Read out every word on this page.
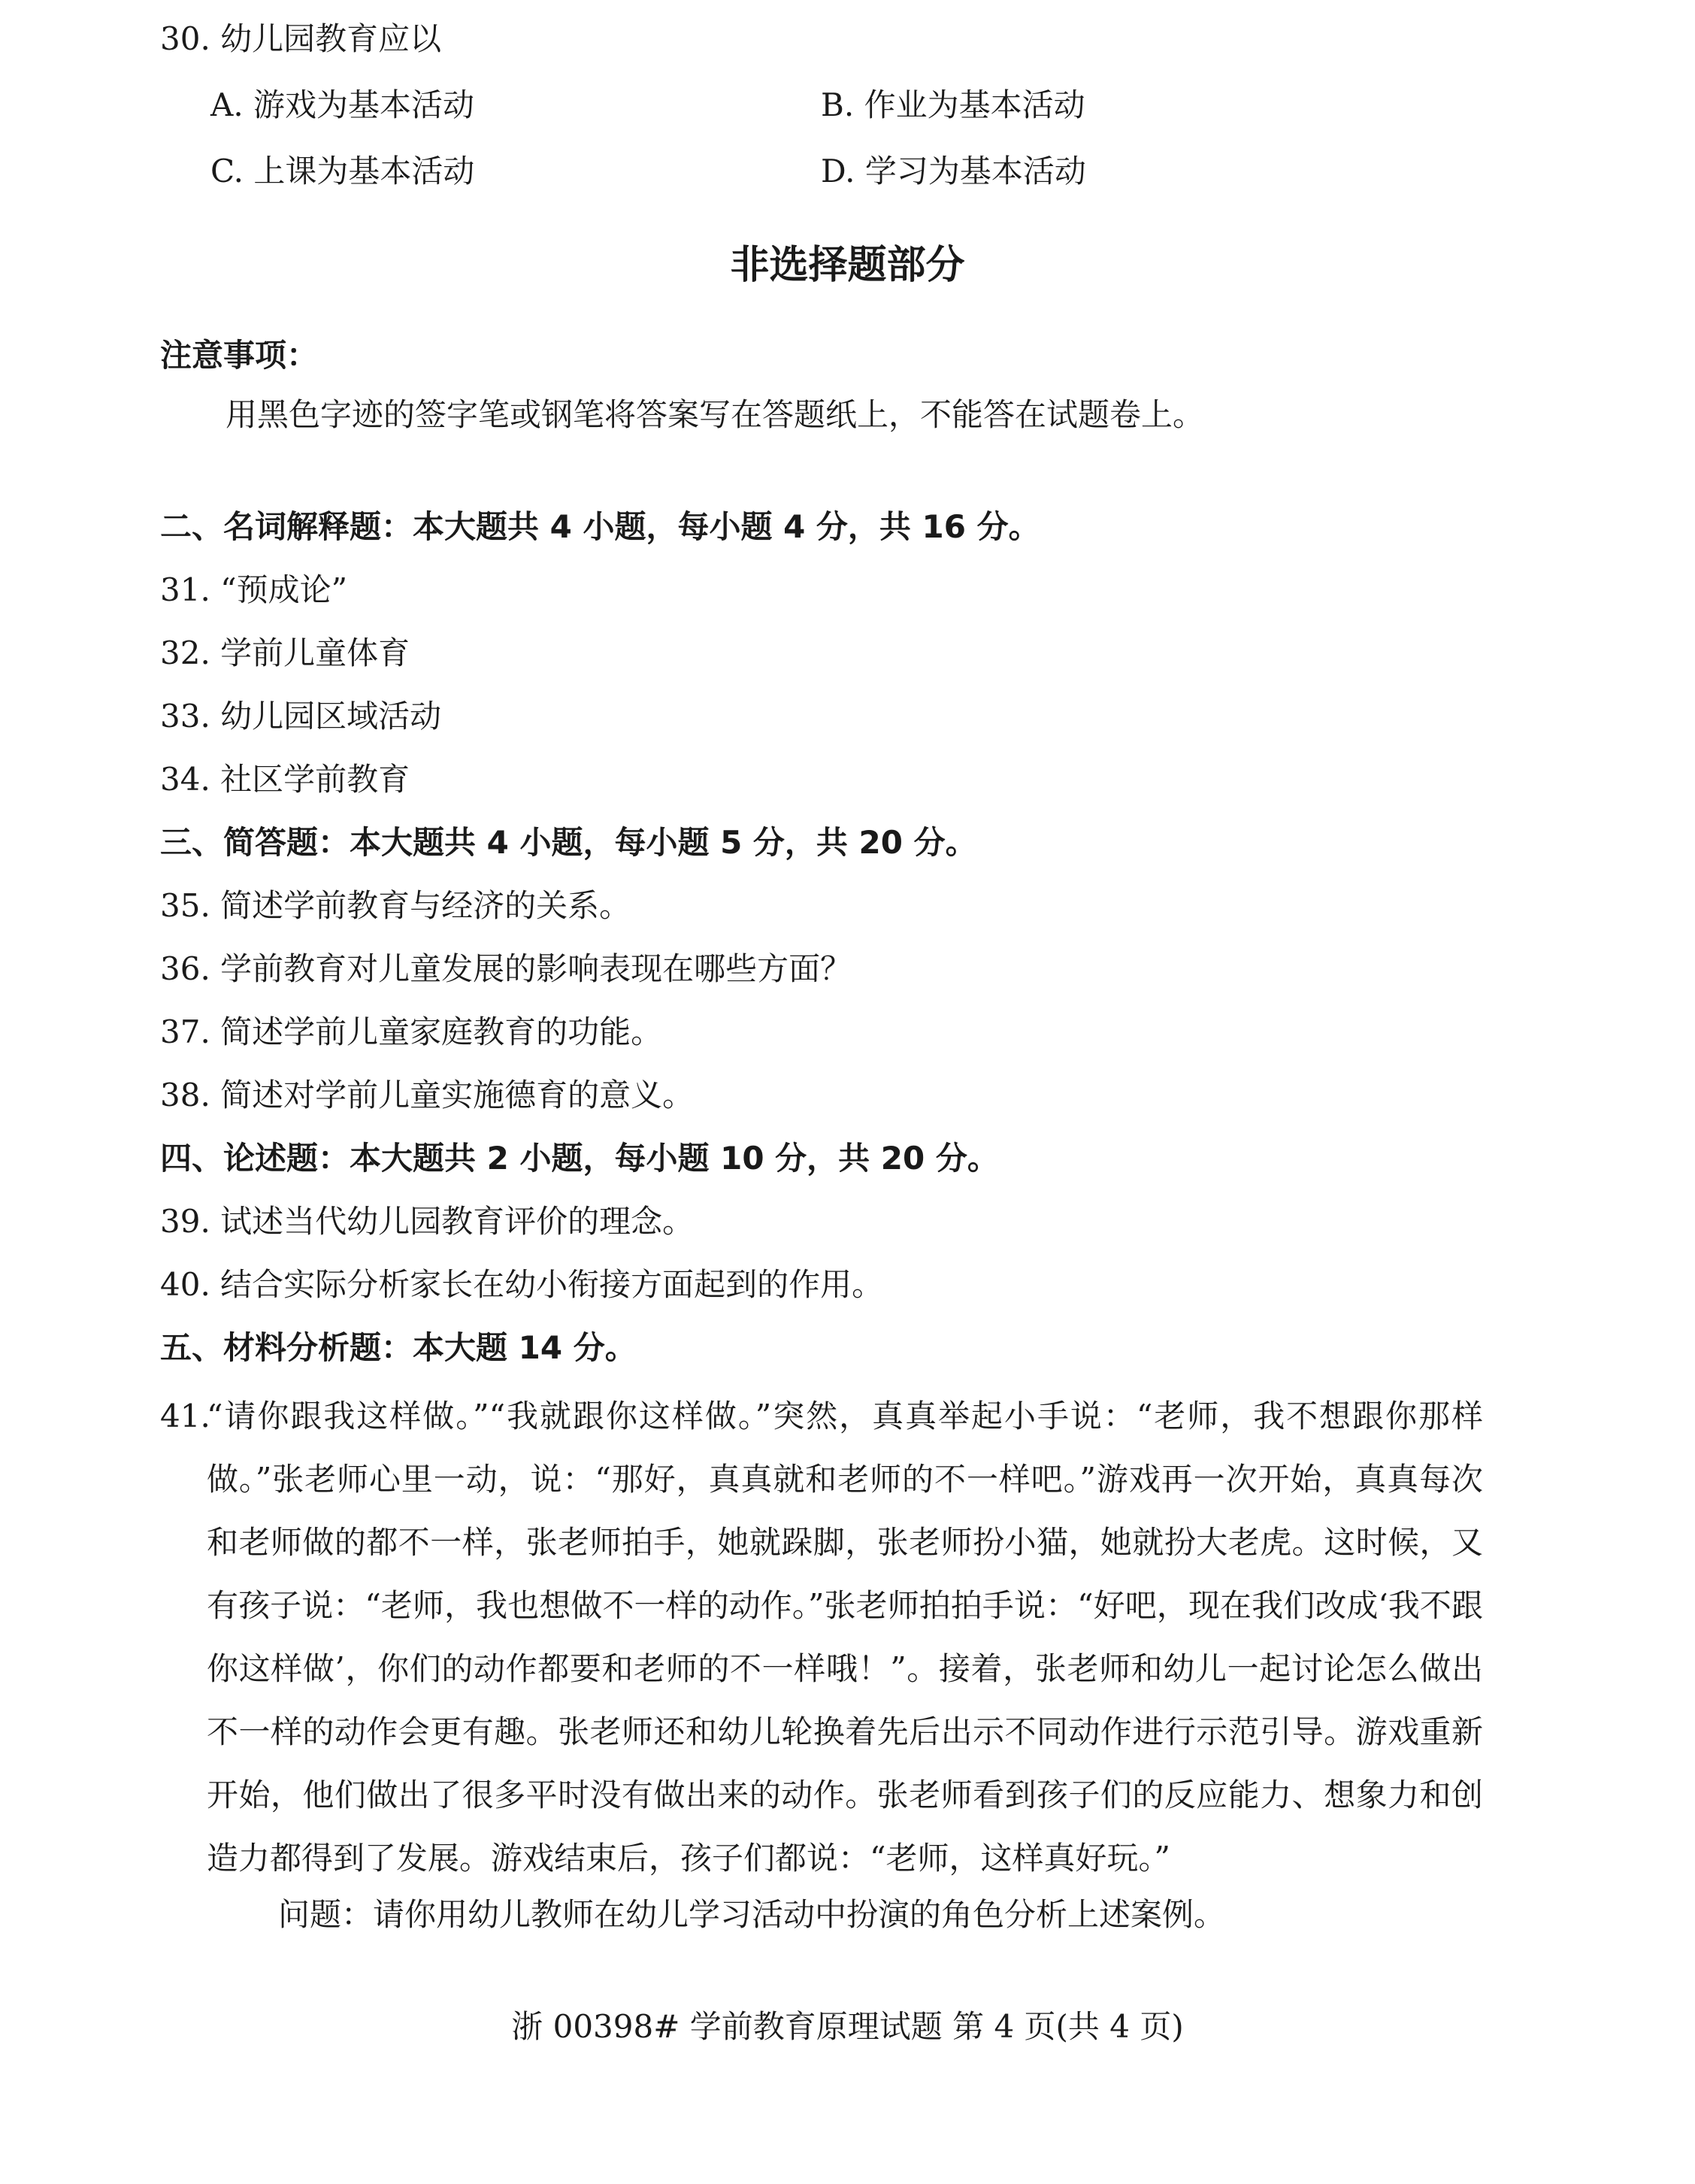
30. 幼儿园教育应以
A. 游戏为基本活动	B. 作业为基本活动
C. 上课为基本活动	D. 学习为基本活动
非选择题部分
注意事项：
用黑色字迹的签字笔或钢笔将答案写在答题纸上，不能答在试题卷上。
二、名词解释题：本大题共 4 小题，每小题 4 分，共 16 分。
31. “预成论”
32. 学前儿童体育
33. 幼儿园区域活动
34. 社区学前教育
三、简答题：本大题共 4 小题，每小题 5 分，共 20 分。
35. 简述学前教育与经济的关系。
36. 学前教育对儿童发展的影响表现在哪些方面？
37. 简述学前儿童家庭教育的功能。
38. 简述对学前儿童实施德育的意义。
四、论述题：本大题共 2 小题，每小题 10 分，共 20 分。
39. 试述当代幼儿园教育评价的理念。
40. 结合实际分析家长在幼小衔接方面起到的作用。
五、材料分析题：本大题 14 分。
41.
“请你跟我这样做。”“我就跟你这样做。”突然，真真举起小手说：“老师，我不想跟你那样做。”张老师心里一动，说：“那好，真真就和老师的不一样吧。”游戏再一次开始，真真每次和老师做的都不一样，张老师拍手，她就跺脚，张老师扮小猫，她就扮大老虎。这时候，又有孩子说：“老师，我也想做不一样的动作。”张老师拍拍手说：“好吧，现在我们改成‘我不跟你这样做’，你们的动作都要和老师的不一样哦！”。接着，张老师和幼儿一起讨论怎么做出不一样的动作会更有趣。张老师还和幼儿轮换着先后出示不同动作进行示范引导。游戏重新开始，他们做出了很多平时没有做出来的动作。张老师看到孩子们的反应能力、想象力和创造力都得到了发展。游戏结束后，孩子们都说：“老师，这样真好玩。”
问题：请你用幼儿教师在幼儿学习活动中扮演的角色分析上述案例。
浙 00398# 学前教育原理试题 第 4 页(共 4 页)
